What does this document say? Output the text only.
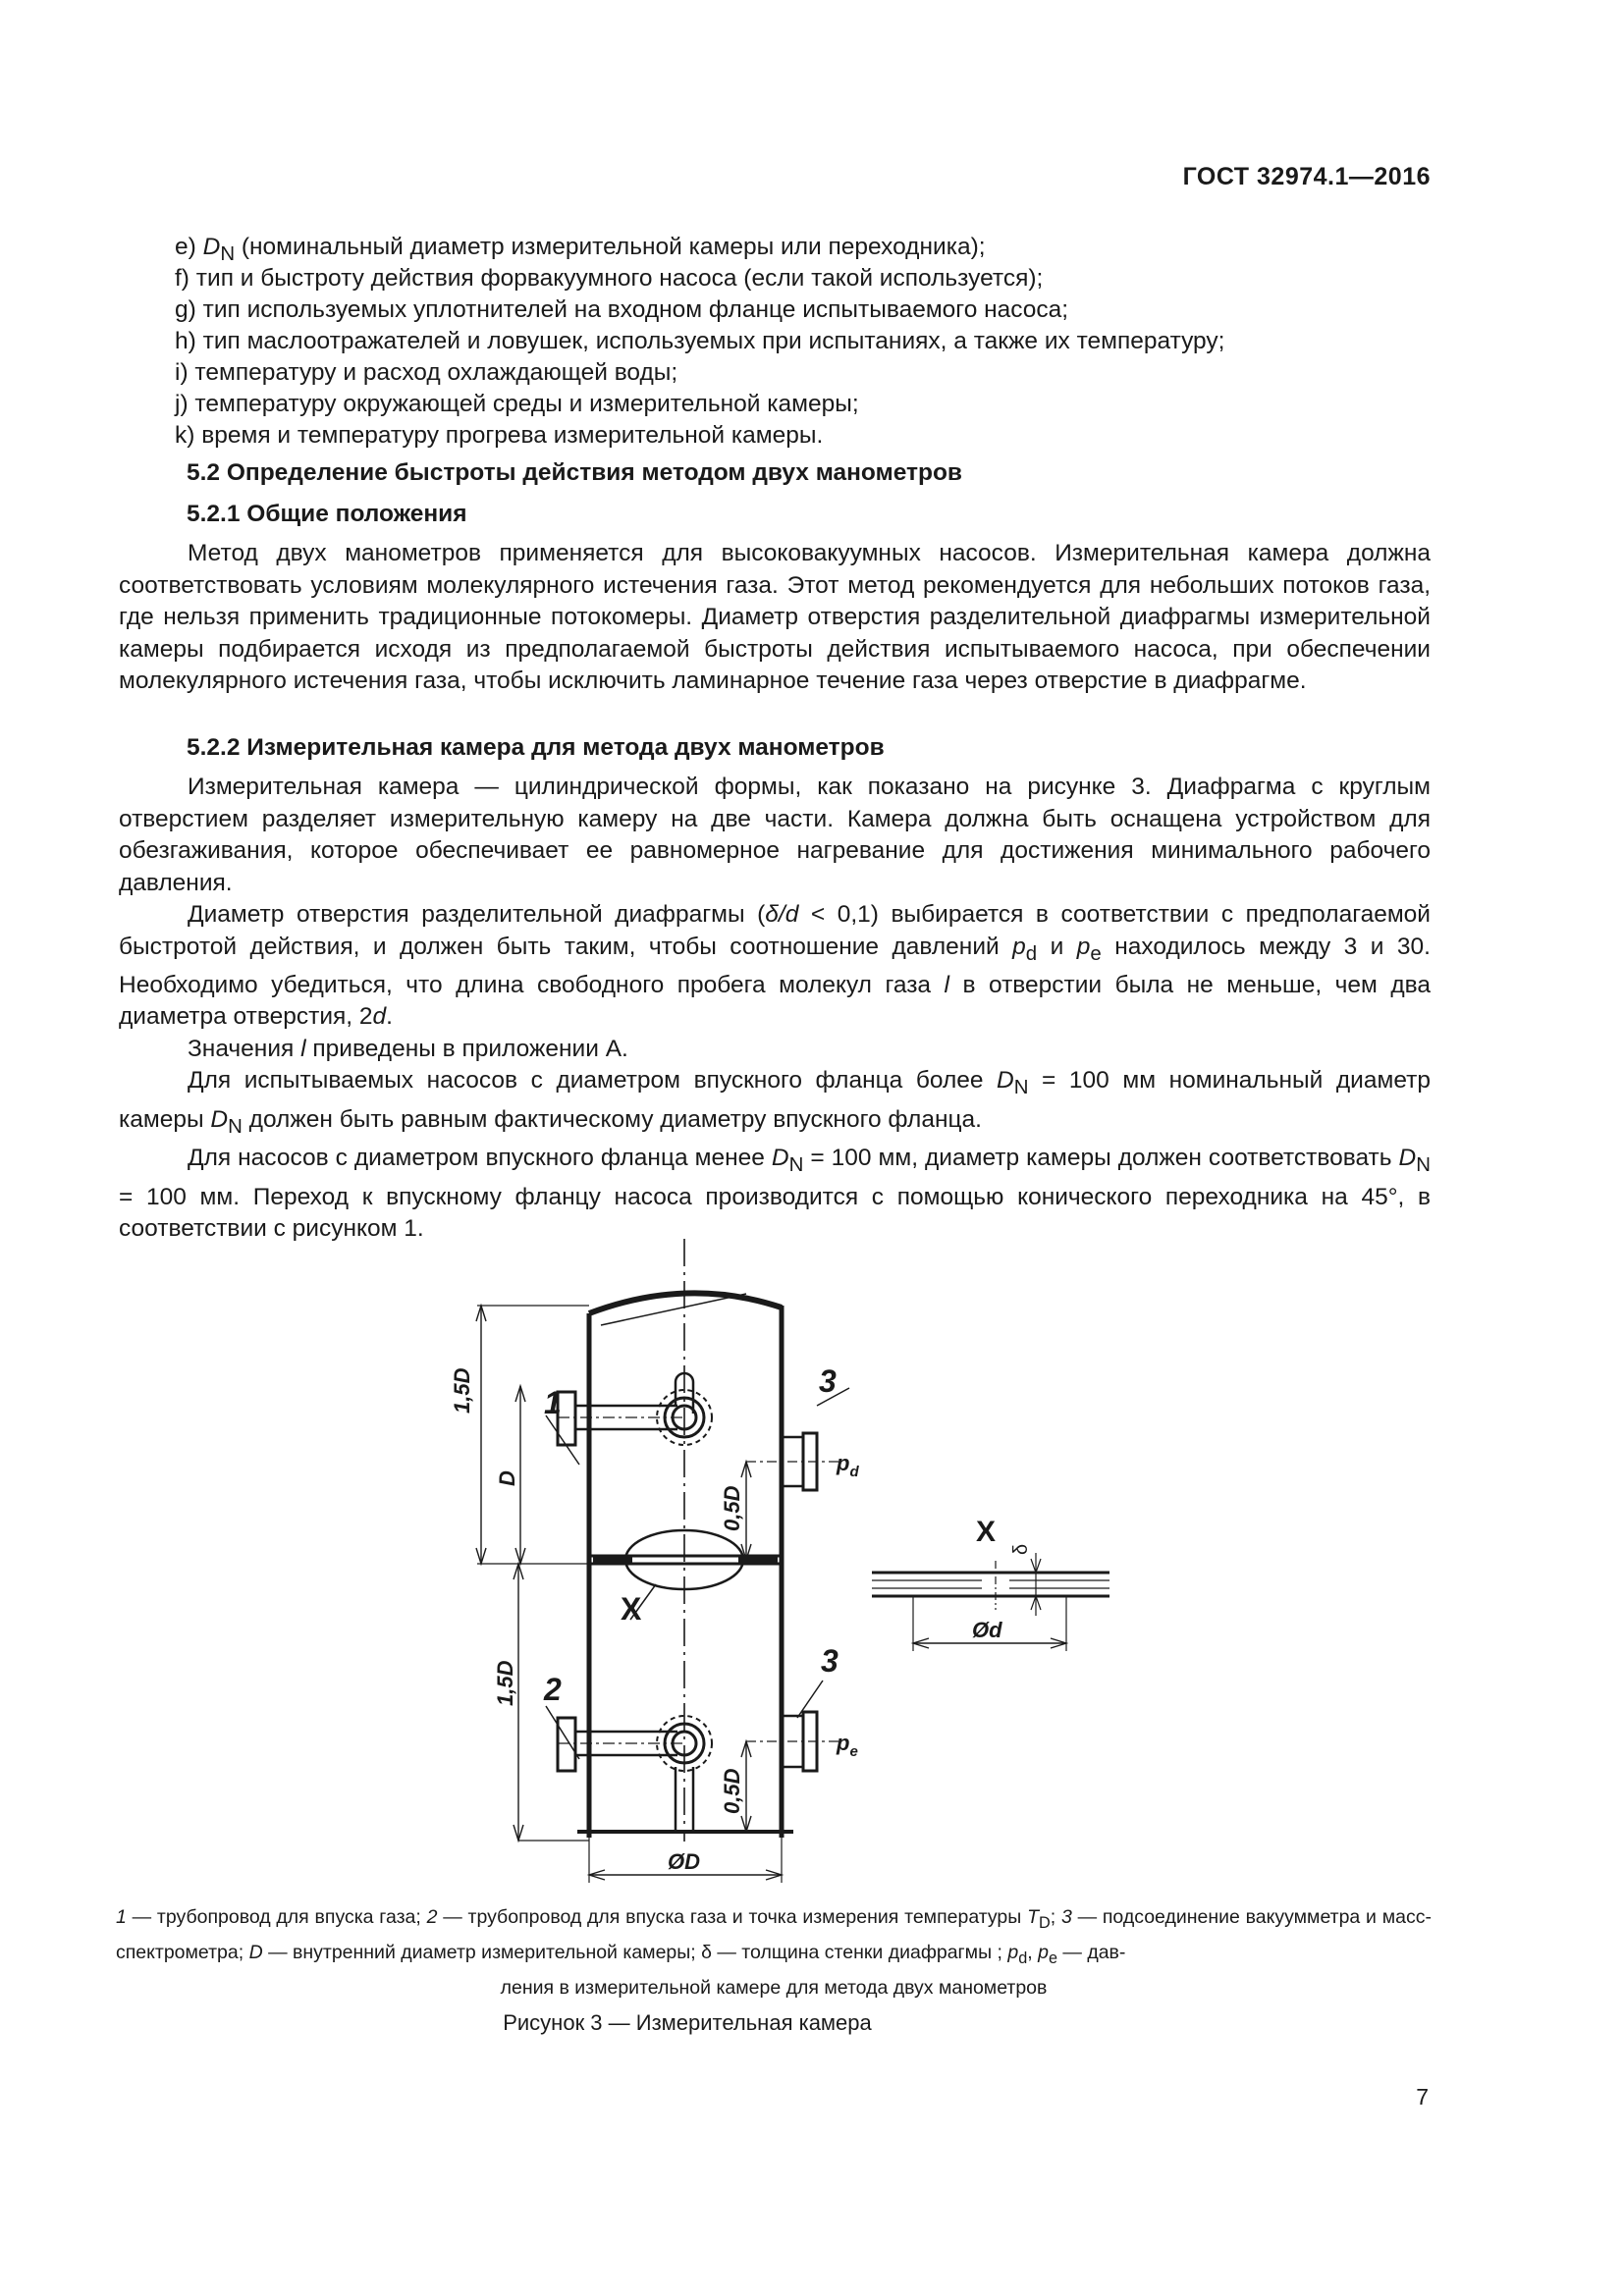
ГОСТ 32974.1—2016
e) $D_N$ (номинальный диаметр измерительной камеры или переходника);
f) тип и быстроту действия форвакуумного насоса (если такой используется);
g) тип используемых уплотнителей на входном фланце испытываемого насоса;
h) тип маслоотражателей и ловушек, используемых при испытаниях, а также их температуру;
i) температуру и расход охлаждающей воды;
j) температуру окружающей среды и измерительной камеры;
k) время и температуру прогрева измерительной камеры.
5.2 Определение быстроты действия методом двух манометров
5.2.1 Общие положения

Метод двух манометров применяется для высоковакуумных насосов. Измерительная камера должна соответствовать условиям молекулярного истечения газа. Этот метод рекомендуется для небольших потоков газа, где нельзя применить традиционные потокомеры. Диаметр отверстия разделительной диафрагмы измерительной камеры подбирается исходя из предполагаемой быстроты действия испытываемого насоса, при обеспечении молекулярного истечения газа, чтобы исключить ламинарное течение газа через отверстие в диафрагме.

5.2.2 Измерительная камера для метода двух манометров

Измерительная камера — цилиндрической формы, как показано на рисунке 3. Диафрагма с круглым отверстием разделяет измерительную камеру на две части. Камера должна быть оснащена устройством для обезгаживания, которое обеспечивает ее равномерное нагревание для достижения минимального рабочего давления.

Диаметр отверстия разделительной диафрагмы (δ/d < 0,1) выбирается в соответствии с предполагаемой быстротой действия, и должен быть таким, чтобы соотношение давлений $p_d$ и $p_e$ находилось между 3 и 30. Необходимо убедиться, что длина свободного пробега молекул газа l в отверстии была не меньше, чем два диаметра отверстия, 2d.

Значения l приведены в приложении А.

Для испытываемых насосов с диаметром впускного фланца более $D_N = 100$ мм номинальный диаметр камеры $D_N$ должен быть равным фактическому диаметру впускного фланца.

Для насосов с диаметром впускного фланца менее $D_N = 100$ мм, диаметр камеры должен соответствовать $D_N = 100$ мм. Переход к впускному фланцу насоса производится с помощью конического переходника на 45°, в соответствии с рисунком 1.

1,5D
D
1,5D
0,5D
0,5D
ØD
Ød
1
2
3
3
X
X
δ
$p_d$
$p_e$
1 — трубопровод для впуска газа; 2 — трубопровод для впуска газа и точка измерения температуры $T_D$; 3 — подсоединение вакуумметра и масс-спектрометра; D — внутренний диаметр измерительной камеры; δ — толщина стенки диафрагмы ; $p_d$, $p_e$ — дав-
ления в измерительной камере для метода двух манометров
Рисунок 3 — Измерительная камера
7
